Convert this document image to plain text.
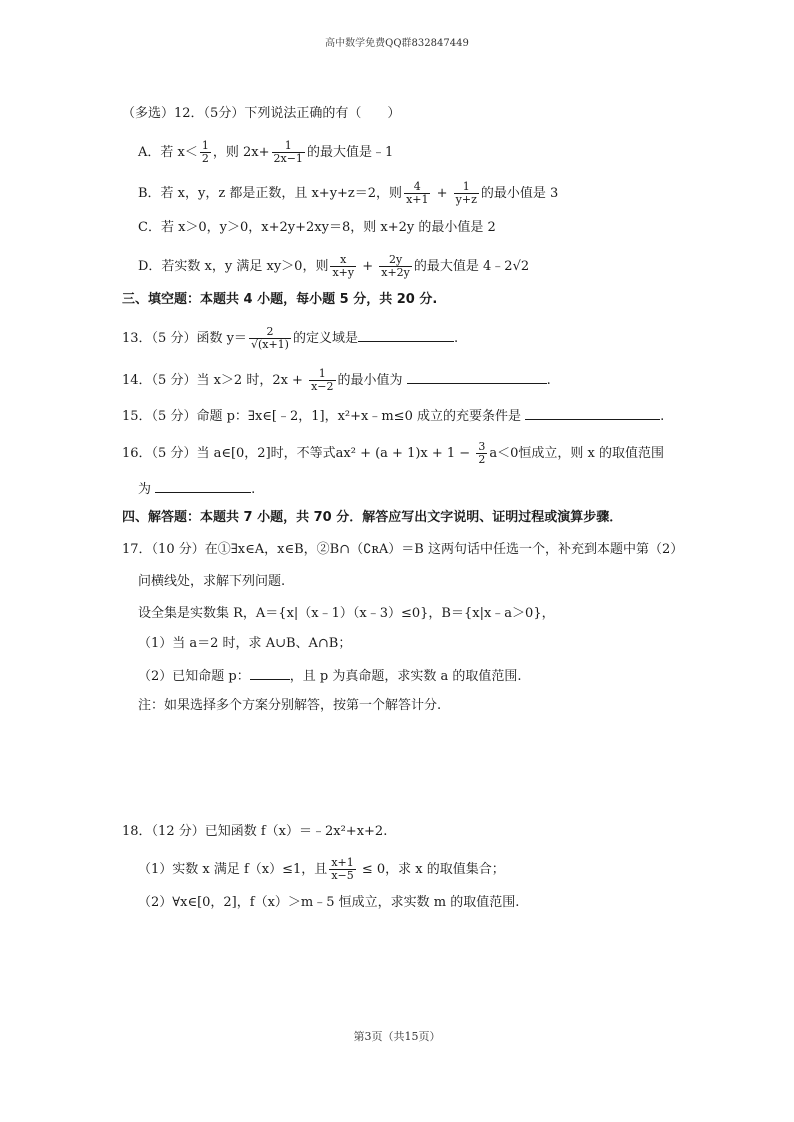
高中数学免费QQ群832847449
（多选）12．（5分）下列说法正确的有（　　）
A．若 $x< \frac{1}{2}$ ，则 $2x+ \frac{1}{2x-1}$ 的最大值是﹣1
B．若 x，y，z 都是正数，且 x+y+z＝2，则 $\frac{4}{x+1} + \frac{1}{y+z}$ 的最小值是 3
C．若 x＞0，y＞0，x+2y+2xy＝8，则 x+2y 的最小值是 2
D．若实数 x，y 满足 xy＞0，则 $\frac{x}{x+y} + \frac{2y}{x+2y}$ 的最大值是 4﹣2√2
三、填空题：本题共 4 小题，每小题 5 分，共 20 分.
13．（5 分）函数 $y= \frac{2}{√(x+1)}$ 的定义域是	.
14．（5 分）当 x＞2 时，$2x + \frac{1}{x-2}$ 的最小值为	.
15．（5 分）命题 p：∃x∈[﹣2，1]，x²+x﹣m≤0 成立的充要条件是	.
16．（5 分）当 a∈[0，2]时，不等式$ax^2 + (a + 1)x + 1 - \frac{3}{2} a<0$恒成立，则 x 的取值范围
为	.
四、解答题：本题共 7 小题，共 70 分．解答应写出文字说明、证明过程或演算步骤．
17．（10 分）在①∃x∈A，x∈B，②B∩（∁ʀA）＝B 这两句话中任选一个，补充到本题中第（2）
问横线处，求解下列问题.
设全集是实数集 R，A＝{x|（x﹣1）（x﹣3）≤0}，B＝{x|x﹣a＞0}，
（1）当 a＝2 时，求 A∪B、A∩B；
（2）已知命题 p：	，且 p 为真命题，求实数 a 的取值范围.
注：如果选择多个方案分别解答，按第一个解答计分.
18．（12 分）已知函数 f（x）＝﹣2x²+x+2.
（1）实数 x 满足 f（x）≤1，且 $\frac{x+1}{x-5} \le 0$，求 x 的取值集合；
（2）∀x∈[0，2]，f（x）＞m﹣5 恒成立，求实数 m 的取值范围.
第3页（共15页）
